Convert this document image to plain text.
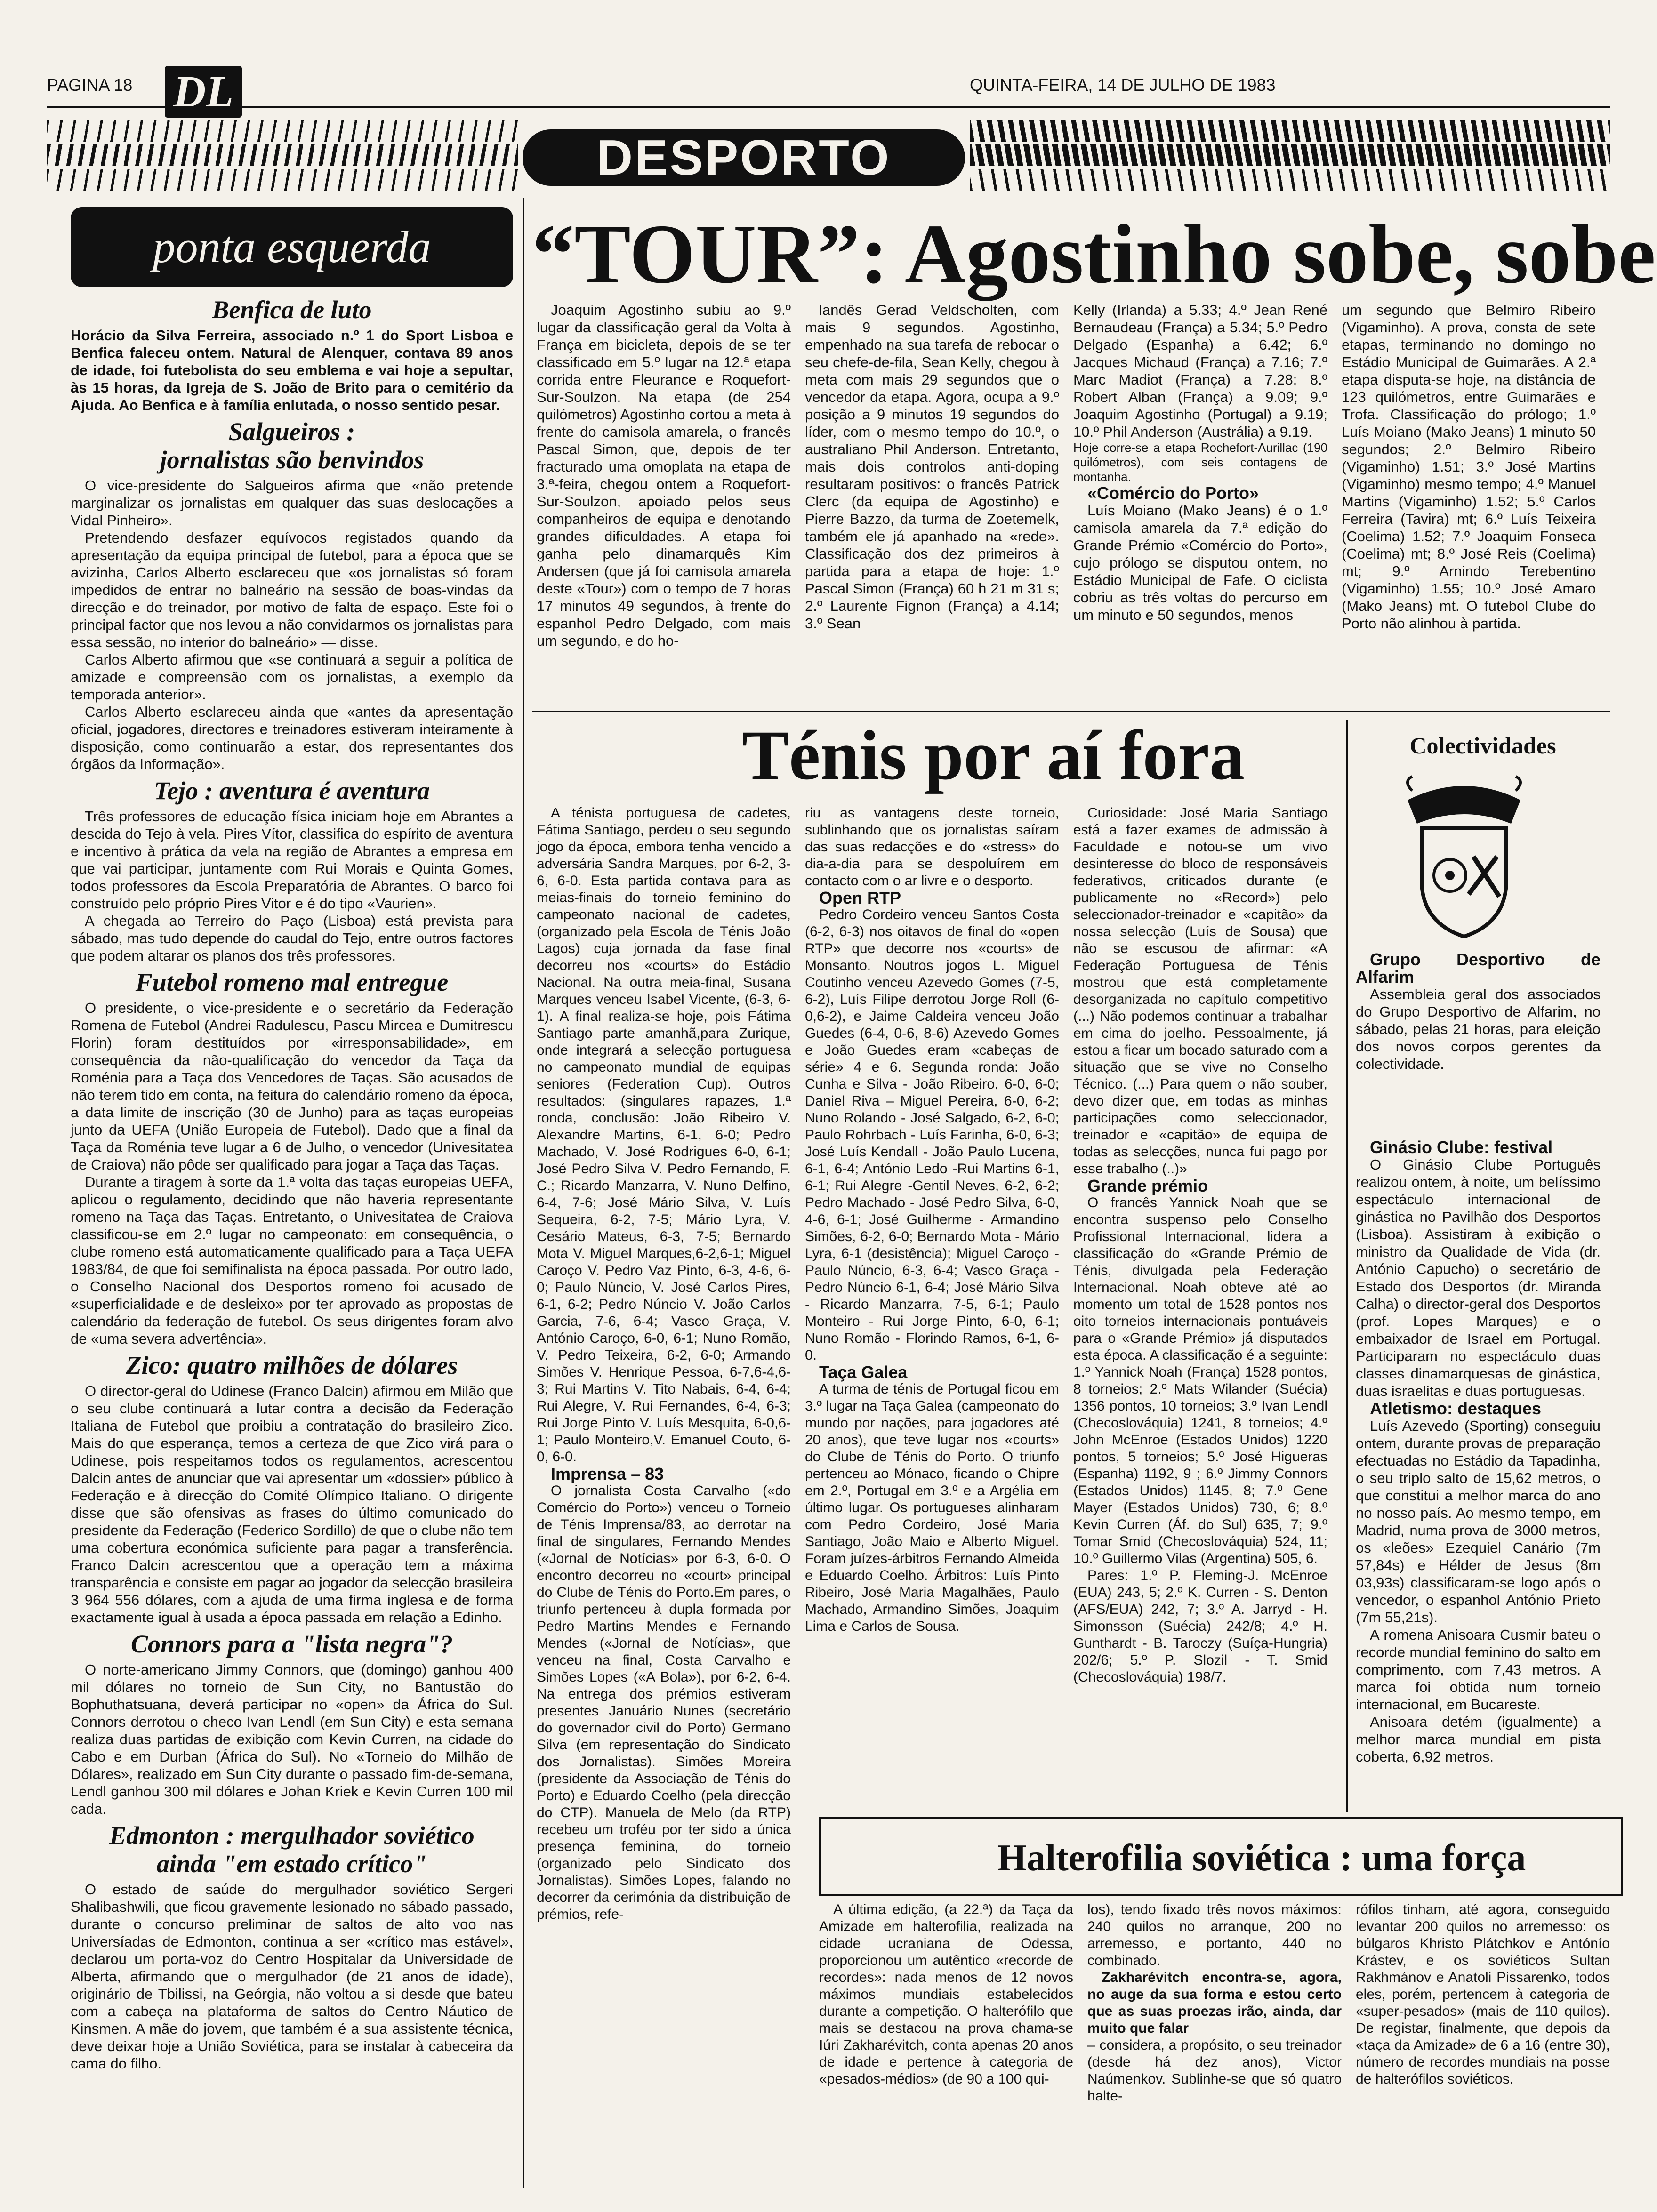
PAGINA 18 DL	QUINTA-FEIRA, 14 DE JULHO DE 1983
DESPORTO
ponta esquerda
Benfica de luto

Horácio da Silva Ferreira, associado n.º 1 do Sport Lisboa e Benfica faleceu ontem. Natural de Alenquer, contava 89 anos de idade, foi futebolista do seu emblema e vai hoje a sepultar, às 15 horas, da Igreja de S. João de Brito para o cemitério da Ajuda. Ao Benfica e à família enlutada, o nosso sentido pesar.

Salgueiros :
jornalistas são benvindos

O vice-presidente do Salgueiros afirma que «não pretende marginalizar os jornalistas em qualquer das suas deslocações a Vidal Pinheiro».

Pretendendo desfazer equívocos registados quando da apresentação da equipa principal de futebol, para a época que se avizinha, Carlos Alberto esclareceu que «os jornalistas só foram impedidos de entrar no balneário na sessão de boas-vindas da direcção e do treinador, por motivo de falta de espaço. Este foi o principal factor que nos levou a não convidarmos os jornalistas para essa sessão, no interior do balneário» — disse.

Carlos Alberto afirmou que «se continuará a seguir a política de amizade e compreensão com os jornalistas, a exemplo da temporada anterior».

Carlos Alberto esclareceu ainda que «antes da apresentação oficial, jogadores, directores e treinadores estiveram inteiramente à disposição, como continuarão a estar, dos representantes dos órgãos da Informação».

Tejo : aventura é aventura

Três professores de educação física iniciam hoje em Abrantes a descida do Tejo à vela. Pires Vítor, classifica do espírito de aventura e incentivo à prática da vela na região de Abrantes a empresa em que vai participar, juntamente com Rui Morais e Quinta Gomes, todos professores da Escola Preparatória de Abrantes. O barco foi construído pelo próprio Pires Vitor e é do tipo «Vaurien».

A chegada ao Terreiro do Paço (Lisboa) está prevista para sábado, mas tudo depende do caudal do Tejo, entre outros factores que podem altarar os planos dos três professores.

Futebol romeno mal entregue

O presidente, o vice-presidente e o secretário da Federação Romena de Futebol (Andrei Radulescu, Pascu Mircea e Dumitrescu Florin) foram destituídos por «irresponsabilidade», em consequência da não-qualificação do vencedor da Taça da Roménia para a Taça dos Vencedores de Taças. São acusados de não terem tido em conta, na feitura do calendário romeno da época, a data limite de inscrição (30 de Junho) para as taças europeias junto da UEFA (União Europeia de Futebol). Dado que a final da Taça da Roménia teve lugar a 6 de Julho, o vencedor (Univesitatea de Craiova) não pôde ser qualificado para jogar a Taça das Taças.

Durante a tiragem à sorte da 1.ª volta das taças europeias UEFA, aplicou o regulamento, decidindo que não haveria representante romeno na Taça das Taças. Entretanto, o Univesitatea de Craiova classificou-se em 2.º lugar no campeonato: em consequência, o clube romeno está automaticamente qualificado para a Taça UEFA 1983/84, de que foi semifinalista na época passada. Por outro lado, o Conselho Nacional dos Desportos romeno foi acusado de «superficialidade e de desleixo» por ter aprovado as propostas de calendário da federação de futebol. Os seus dirigentes foram alvo de «uma severa advertência».

Zico: quatro milhões de dólares

O director-geral do Udinese (Franco Dalcin) afirmou em Milão que o seu clube continuará a lutar contra a decisão da Federação Italiana de Futebol que proibiu a contratação do brasileiro Zico. Mais do que esperança, temos a certeza de que Zico virá para o Udinese, pois respeitamos todos os regulamentos, acrescentou Dalcin antes de anunciar que vai apresentar um «dossier» público à Federação e à direcção do Comité Olímpico Italiano. O dirigente disse que são ofensivas as frases do último comunicado do presidente da Federação (Federico Sordillo) de que o clube não tem uma cobertura económica suficiente para pagar a transferência. Franco Dalcin acrescentou que a operação tem a máxima transparência e consiste em pagar ao jogador da selecção brasileira 3 964 556 dólares, com a ajuda de uma firma inglesa e de forma exactamente igual à usada a época passada em relação a Edinho.

Connors para a "lista negra"?

O norte-americano Jimmy Connors, que (domingo) ganhou 400 mil dólares no torneio de Sun City, no Bantustão do Bophuthatsuana, deverá participar no «open» da África do Sul. Connors derrotou o checo Ivan Lendl (em Sun City) e esta semana realiza duas partidas de exibição com Kevin Curren, na cidade do Cabo e em Durban (África do Sul). No «Torneio do Milhão de Dólares», realizado em Sun City durante o passado fim-de-semana, Lendl ganhou 300 mil dólares e Johan Kriek e Kevin Curren 100 mil cada.

Edmonton : mergulhador soviético
ainda "em estado crítico"

O estado de saúde do mergulhador soviético Sergeri Shalibashwili, que ficou gravemente lesionado no sábado passado, durante o concurso preliminar de saltos de alto voo nas Universíadas de Edmonton, continua a ser «crítico mas estável», declarou um porta-voz do Centro Hospitalar da Universidade de Alberta, afirmando que o mergulhador (de 21 anos de idade), originário de Tbilissi, na Geórgia, não voltou a si desde que bateu com a cabeça na plataforma de saltos do Centro Náutico de Kinsmen. A mãe do jovem, que também é a sua assistente técnica, deve deixar hoje a União Soviética, para se instalar à cabeceira da cama do filho.

“TOUR”: Agostinho sobe, sobe

Joaquim Agostinho subiu ao 9.º lugar da classificação geral da Volta à França em bicicleta, depois de se ter classificado em 5.º lugar na 12.ª etapa corrida entre Fleurance e Roquefort-Sur-Soulzon. Na etapa (de 254 quilómetros) Agostinho cortou a meta à frente do camisola amarela, o francês Pascal Simon, que, depois de ter fracturado uma omoplata na etapa de 3.ª-feira, chegou ontem a Roquefort-Sur-Soulzon, apoiado pelos seus companheiros de equipa e denotando grandes dificuldades. A etapa foi ganha pelo dinamarquês Kim Andersen (que já foi camisola amarela deste «Tour») com o tempo de 7 horas 17 minutos 49 segundos, à frente do espanhol Pedro Delgado, com mais um segundo, e do ho-

landês Gerad Veldscholten, com mais 9 segundos. Agostinho, empenhado na sua tarefa de rebocar o seu chefe-de-fila, Sean Kelly, chegou à meta com mais 29 segundos que o vencedor da etapa. Agora, ocupa a 9.º posição a 9 minutos 19 segundos do líder, com o mesmo tempo do 10.º, o australiano Phil Anderson. Entretanto, mais dois controlos anti-doping resultaram positivos: o francês Patrick Clerc (da equipa de Agostinho) e Pierre Bazzo, da turma de Zoetemelk, também ele já apanhado na «rede». Classificação dos dez primeiros à partida para a etapa de hoje: 1.º Pascal Simon (França) 60 h 21 m 31 s; 2.º Laurente Fignon (França) a 4.14; 3.º Sean

Kelly (Irlanda) a 5.33; 4.º Jean René Bernaudeau (França) a 5.34; 5.º Pedro Delgado (Espanha) a 6.42; 6.º Jacques Michaud (França) a 7.16; 7.º Marc Madiot (França) a 7.28; 8.º Robert Alban (França) a 9.09; 9.º Joaquim Agostinho (Portugal) a 9.19; 10.º Phil Anderson (Austrália) a 9.19.

Hoje corre-se a etapa Rochefort-Aurillac (190 quilómetros), com seis contagens de montanha.

«Comércio do Porto»

Luís Moiano (Mako Jeans) é o 1.º camisola amarela da 7.ª edição do Grande Prémio «Comércio do Porto», cujo prólogo se disputou ontem, no Estádio Municipal de Fafe. O ciclista cobriu as três voltas do percurso em um minuto e 50 segundos, menos

um segundo que Belmiro Ribeiro (Vigaminho). A prova, consta de sete etapas, terminando no domingo no Estádio Municipal de Guimarães. A 2.ª etapa disputa-se hoje, na distância de 123 quilómetros, entre Guimarães e Trofa. Classificação do prólogo; 1.º Luís Moiano (Mako Jeans) 1 minuto 50 segundos; 2.º Belmiro Ribeiro (Vigaminho) 1.51; 3.º José Martins (Vigaminho) mesmo tempo; 4.º Manuel Martins (Vigaminho) 1.52; 5.º Carlos Ferreira (Tavira) mt; 6.º Luís Teixeira (Coelima) 1.52; 7.º Joaquim Fonseca (Coelima) mt; 8.º José Reis (Coelima) mt; 9.º Arnindo Terebentino (Vigaminho) 1.55; 10.º José Amaro (Mako Jeans) mt. O futebol Clube do Porto não alinhou à partida.

Ténis por aí fora

A ténista portuguesa de cadetes, Fátima Santiago, perdeu o seu segundo jogo da época, embora tenha vencido a adversária Sandra Marques, por 6-2, 3-6, 6-0. Esta partida contava para as meias-finais do torneio feminino do campeonato nacional de cadetes, (organizado pela Escola de Ténis João Lagos) cuja jornada da fase final decorreu nos «courts» do Estádio Nacional. Na outra meia-final, Susana Marques venceu Isabel Vicente, (6-3, 6-1). A final realiza-se hoje, pois Fátima Santiago parte amanhã,para Zurique, onde integrará a selecção portuguesa no campeonato mundial de equipas seniores (Federation Cup). Outros resultados: (singulares rapazes, 1.ª ronda, conclusão: João Ribeiro V. Alexandre Martins, 6-1, 6-0; Pedro Machado, V. José Rodrigues 6-0, 6-1; José Pedro Silva V. Pedro Fernando, F. C.; Ricardo Manzarra, V. Nuno Delfino, 6-4, 7-6; José Mário Silva, V. Luís Sequeira, 6-2, 7-5; Mário Lyra, V. Cesário Mateus, 6-3, 7-5; Bernardo Mota V. Miguel Marques,6-2,6-1; Miguel Caroço V. Pedro Vaz Pinto, 6-3, 4-6, 6-0; Paulo Núncio, V. José Carlos Pires, 6-1, 6-2; Pedro Núncio V. João Carlos Garcia, 7-6, 6-4; Vasco Graça, V. António Caroço, 6-0, 6-1; Nuno Romão, V. Pedro Teixeira, 6-2, 6-0; Armando Simões V. Henrique Pessoa, 6-7,6-4,6-3; Rui Martins V. Tito Nabais, 6-4, 6-4; Rui Alegre, V. Rui Fernandes, 6-4, 6-3; Rui Jorge Pinto V. Luís Mesquita, 6-0,6-1; Paulo Monteiro,V. Emanuel Couto, 6-0, 6-0.

Imprensa – 83

O jornalista Costa Carvalho («do Comércio do Porto») venceu o Torneio de Ténis Imprensa/83, ao derrotar na final de singulares, Fernando Mendes («Jornal de Notícias» por 6-3, 6-0. O encontro decorreu no «court» principal do Clube de Ténis do Porto.Em pares, o triunfo pertenceu à dupla formada por Pedro Martins Mendes e Fernando Mendes («Jornal de Notícias», que venceu na final, Costa Carvalho e Simões Lopes («A Bola»), por 6-2, 6-4. Na entrega dos prémios estiveram presentes Januário Nunes (secretário do governador civil do Porto) Germano Silva (em representação do Sindicato dos Jornalistas). Simões Moreira (presidente da Associação de Ténis do Porto) e Eduardo Coelho (pela direcção do CTP). Manuela de Melo (da RTP) recebeu um troféu por ter sido a única presença feminina, do torneio (organizado pelo Sindicato dos Jornalistas). Simões Lopes, falando no decorrer da cerimónia da distribuição de prémios, refe-

riu as vantagens deste torneio, sublinhando que os jornalistas saíram das suas redacções e do «stress» do dia-a-dia para se despoluírem em contacto com o ar livre e o desporto.

Open RTP

Pedro Cordeiro venceu Santos Costa (6-2, 6-3) nos oitavos de final do «open RTP» que decorre nos «courts» de Monsanto. Noutros jogos L. Miguel Coutinho venceu Azevedo Gomes (7-5, 6-2), Luís Filipe derrotou Jorge Roll (6-0,6-2), e Jaime Caldeira venceu João Guedes (6-4, 0-6, 8-6) Azevedo Gomes e João Guedes eram «cabeças de série» 4 e 6. Segunda ronda: João Cunha e Silva - João Ribeiro, 6-0, 6-0; Daniel Riva – Miguel Pereira, 6-0, 6-2; Nuno Rolando - José Salgado, 6-2, 6-0; Paulo Rohrbach - Luís Farinha, 6-0, 6-3; José Luís Kendall - João Paulo Lucena, 6-1, 6-4; António Ledo -Rui Martins 6-1, 6-1; Rui Alegre -Gentil Neves, 6-2, 6-2; Pedro Machado - José Pedro Silva, 6-0, 4-6, 6-1; José Guilherme - Armandino Simões, 6-2, 6-0; Bernardo Mota - Mário Lyra, 6-1 (desistência); Miguel Caroço - Paulo Núncio, 6-3, 6-4; Vasco Graça -Pedro Núncio 6-1, 6-4; José Mário Silva - Ricardo Manzarra, 7-5, 6-1; Paulo Monteiro - Rui Jorge Pinto, 6-0, 6-1; Nuno Romão - Florindo Ramos, 6-1, 6-0.

Taça Galea

A turma de ténis de Portugal ficou em 3.º lugar na Taça Galea (campeonato do mundo por nações, para jogadores até 20 anos), que teve lugar nos «courts» do Clube de Ténis do Porto. O triunfo pertenceu ao Mónaco, ficando o Chipre em 2.º, Portugal em 3.º e a Argélia em último lugar. Os portugueses alinharam com Pedro Cordeiro, José Maria Santiago, João Maio e Alberto Miguel. Foram juízes-árbitros Fernando Almeida e Eduardo Coelho. Árbitros: Luís Pinto Ribeiro, José Maria Magalhães, Paulo Machado, Armandino Simões, Joaquim Lima e Carlos de Sousa.

Curiosidade: José Maria Santiago está a fazer exames de admissão à Faculdade e notou-se um vivo desinteresse do bloco de responsáveis federativos, criticados durante (e publicamente no «Record») pelo seleccionador-treinador e «capitão» da nossa selecção (Luís de Sousa) que não se escusou de afirmar: «A Federação Portuguesa de Ténis mostrou que está completamente desorganizada no capítulo competitivo (...) Não podemos continuar a trabalhar em cima do joelho. Pessoalmente, já estou a ficar um bocado saturado com a situação que se vive no Conselho Técnico. (...) Para quem o não souber, devo dizer que, em todas as minhas participações como seleccionador, treinador e «capitão» de equipa de todas as selecções, nunca fui pago por esse trabalho (..)»

Grande prémio

O francês Yannick Noah que se encontra suspenso pelo Conselho Profissional Internacional, lidera a classificação do «Grande Prémio de Ténis, divulgada pela Federação Internacional. Noah obteve até ao momento um total de 1528 pontos nos oito torneios internacionais pontuáveis para o «Grande Prémio» já disputados esta época. A classificação é a seguinte: 1.º Yannick Noah (França) 1528 pontos, 8 torneios; 2.º Mats Wilander (Suécia) 1356 pontos, 10 torneios; 3.º Ivan Lendl (Checoslováquia) 1241, 8 torneios; 4.º John McEnroe (Estados Unidos) 1220 pontos, 5 torneios; 5.º José Higueras (Espanha) 1192, 9 ; 6.º Jimmy Connors (Estados Unidos) 1145, 8; 7.º Gene Mayer (Estados Unidos) 730, 6; 8.º Kevin Curren (Áf. do Sul) 635, 7; 9.º Tomar Smid (Checoslováquia) 524, 11; 10.º Guillermo Vilas (Argentina) 505, 6.

Pares: 1.º P. Fleming-J. McEnroe (EUA) 243, 5; 2.º K. Curren - S. Denton (AFS/EUA) 242, 7; 3.º A. Jarryd - H. Simonsson (Suécia) 242/8; 4.º H. Gunthardt - B. Taroczy (Suíça-Hungria) 202/6; 5.º P. Slozil - T. Smid (Checoslováquia) 198/7.

Colectividades

Grupo Desportivo de Alfarim

Assembleia geral dos associados do Grupo Desportivo de Alfarim, no sábado, pelas 21 horas, para eleição dos novos corpos gerentes da colectividade.

Ginásio Clube: festival

O Ginásio Clube Português realizou ontem, à noite, um belíssimo espectáculo internacional de ginástica no Pavilhão dos Desportos (Lisboa). Assistiram à exibição o ministro da Qualidade de Vida (dr. António Capucho) o secretário de Estado dos Desportos (dr. Miranda Calha) o director-geral dos Desportos (prof. Lopes Marques) e o embaixador de Israel em Portugal. Participaram no espectáculo duas classes dinamarquesas de ginástica, duas israelitas e duas portuguesas.

Atletismo: destaques

Luís Azevedo (Sporting) conseguiu ontem, durante provas de preparação efectuadas no Estádio da Tapadinha, o seu triplo salto de 15,62 metros, o que constitui a melhor marca do ano no nosso país. Ao mesmo tempo, em Madrid, numa prova de 3000 metros, os «leões» Ezequiel Canário (7m 57,84s) e Hélder de Jesus (8m 03,93s) classificaram-se logo após o vencedor, o espanhol António Prieto (7m 55,21s).

A romena Anisoara Cusmir bateu o recorde mundial feminino do salto em comprimento, com 7,43 metros. A marca foi obtida num torneio internacional, em Bucareste.

Anisoara detém (igualmente) a melhor marca mundial em pista coberta, 6,92 metros.

Halterofilia soviética : uma força

A última edição, (a 22.ª) da Taça da Amizade em halterofilia, realizada na cidade ucraniana de Odessa, proporcionou um autêntico «recorde de recordes»: nada menos de 12 novos máximos mundiais estabelecidos durante a competição. O halterófilo que mais se destacou na prova chama-se Iúri Zakharévitch, conta apenas 20 anos de idade e pertence à categoria de «pesados-médios» (de 90 a 100 qui-

los), tendo fixado três novos máximos: 240 quilos no arranque, 200 no arremesso, e portanto, 440 no combinado.

Zakharévitch encontra-se, agora, no auge da sua forma e estou certo que as suas proezas irão, ainda, dar muito que falar

– considera, a propósito, o seu treinador (desde há dez anos), Victor Naúmenkov. Sublinhe-se que só quatro halte-

rófilos tinham, até agora, conseguido levantar 200 quilos no arremesso: os búlgaros Khristo Plátchkov e Antónío Krástev, e os soviéticos Sultan Rakhmánov e Anatoli Pissarenko, todos eles, porém, pertencem à categoria de «super-pesados» (mais de 110 quilos). De registar, finalmente, que depois da «taça da Amizade» de 6 a 16 (entre 30), número de recordes mundiais na posse de halterófilos soviéticos.
